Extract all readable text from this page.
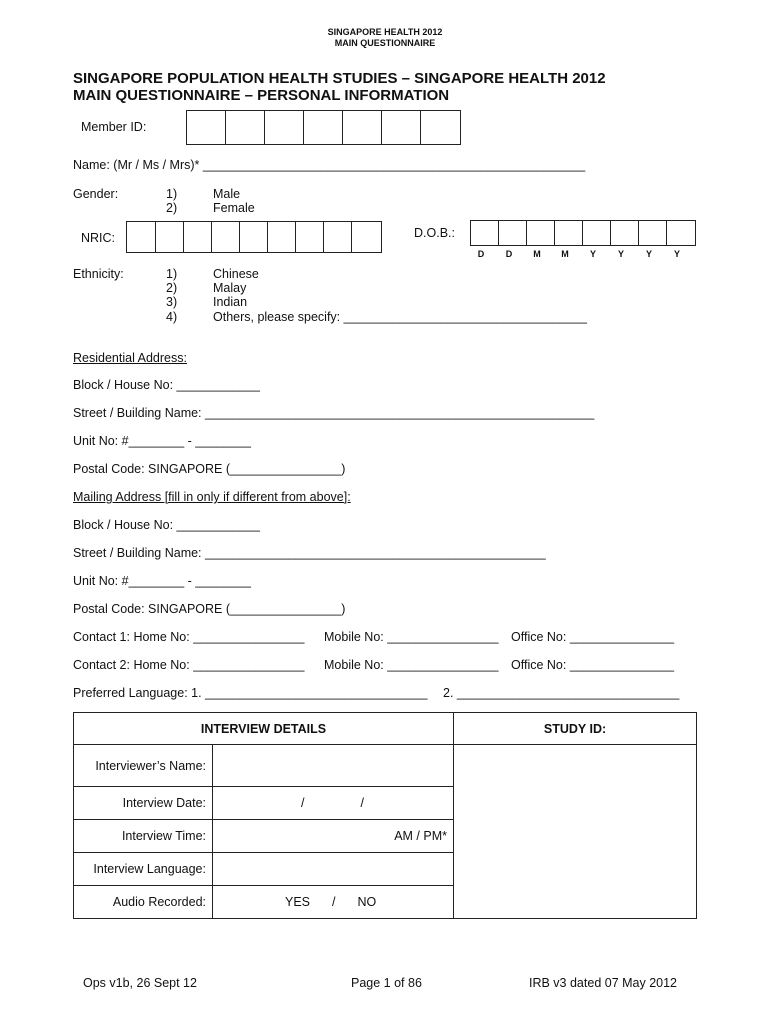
SINGAPORE HEALTH 2012
MAIN QUESTIONNAIRE
SINGAPORE POPULATION HEALTH STUDIES – SINGAPORE HEALTH 2012
MAIN QUESTIONNAIRE – PERSONAL INFORMATION
Member ID:
Name: (Mr / Ms / Mrs)* _______________________________________________________
Gender:	1)	Male
2)	Female
NRIC:	D.O.B.:
D	D	M	M	Y	Y	Y	Y
Ethnicity:	1)	Chinese
2)	Malay
3)	Indian
4)	Others, please specify: ___________________________________
Residential Address:
Block / House No: ____________
Street / Building Name: ________________________________________________________
Unit No: #________ - ________
Postal Code: SINGAPORE (________________)
Mailing Address [fill in only if different from above]:
Block / House No: ____________
Street / Building Name: _________________________________________________
Unit No: #________ - ________
Postal Code: SINGAPORE (________________)
Contact 1: Home No: ________________ Mobile No: ________________ Office No: _______________
Contact 2: Home No: ________________ Mobile No: ________________ Office No: _______________
Preferred Language: 1. ________________________________ 2. ________________________________
INTERVIEW DETAILS		STUDY ID:
Interviewer’s Name:		
Interview Date:	/ /	
Interview Time:	AM / PM*	
Interview Language:		
Audio Recorded:	YES / NO	
Ops v1b, 26 Sept 12	Page 1 of 86	IRB v3 dated 07 May 2012
